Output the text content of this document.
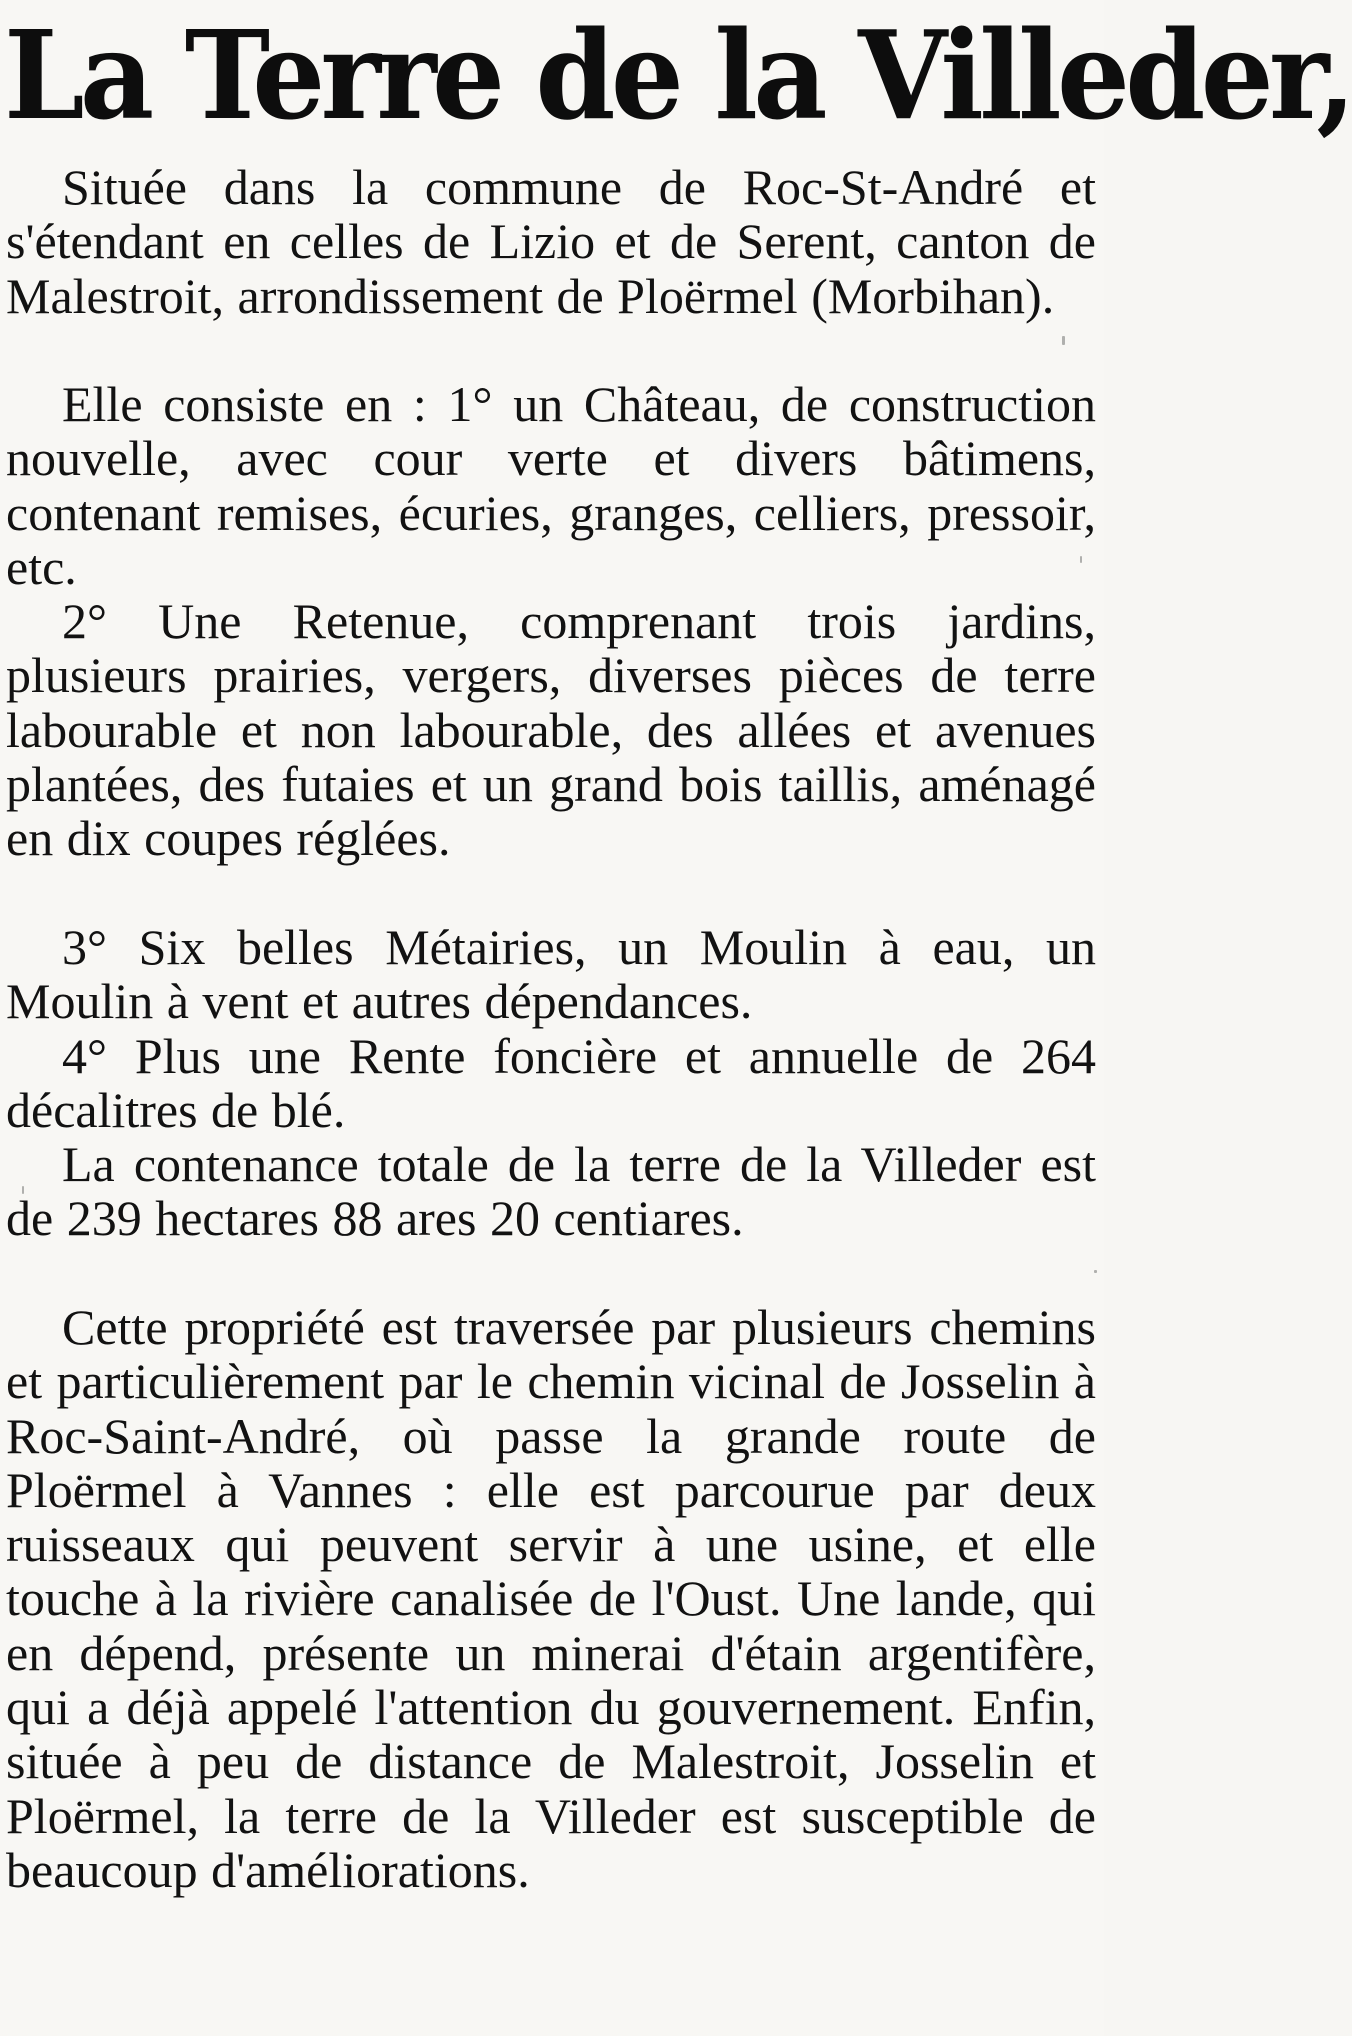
La Terre de la Villeder,

Située dans la commune de Roc-St-André et s'étendant en celles de Lizio et de Serent, canton de Malestroit, arrondissement de Ploërmel (Morbihan).

Elle consiste en : 1° un Château, de construction nouvelle, avec cour verte et divers bâtimens, contenant remises, écuries, granges, celliers, pressoir, etc.

2° Une Retenue, comprenant trois jardins, plusieurs prairies, vergers, diverses pièces de terre labourable et non labourable, des allées et avenues plantées, des futaies et un grand bois taillis, aménagé en dix coupes réglées.

3° Six belles Métairies, un Moulin à eau, un Moulin à vent et autres dépendances.

4° Plus une Rente foncière et annuelle de 264 décalitres de blé.

La contenance totale de la terre de la Villeder est de 239 hectares 88 ares 20 centiares.

Cette propriété est traversée par plusieurs chemins et particulièrement par le chemin vicinal de Josselin à Roc-Saint-André, où passe la grande route de Ploërmel à Vannes : elle est parcourue par deux ruisseaux qui peuvent servir à une usine, et elle touche à la rivière canalisée de l'Oust. Une lande, qui en dépend, présente un minerai d'étain argentifère, qui a déjà appelé l'attention du gouvernement. Enfin, située à peu de distance de Malestroit, Josselin et Ploërmel, la terre de la Villeder est susceptible de beaucoup d'améliorations.
